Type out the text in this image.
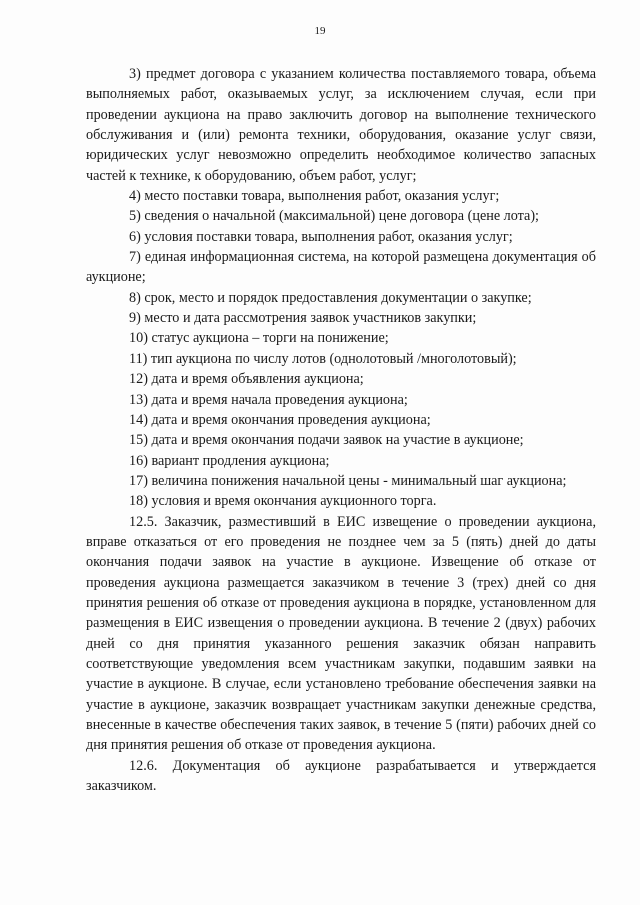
19

3) предмет договора с указанием количества поставляемого товара, объема выполняемых работ, оказываемых услуг, за исключением случая, если при проведении аукциона на право заключить договор на выполнение технического обслуживания и (или) ремонта техники, оборудования, оказание услуг связи, юридических услуг невозможно определить необходимое количество запасных частей к технике, к оборудованию, объем работ, услуг;

4) место поставки товара, выполнения работ, оказания услуг;

5) сведения о начальной (максимальной) цене договора (цене лота);

6) условия поставки товара, выполнения работ, оказания услуг;

7) единая информационная система, на которой размещена документация об аукционе;

8) срок, место и порядок предоставления документации о закупке;

9) место и дата рассмотрения заявок участников закупки;

10) статус аукциона – торги на понижение;

11) тип аукциона по числу лотов (однолотовый /многолотовый);

12) дата и время объявления аукциона;

13) дата и время начала проведения аукциона;

14) дата и время окончания проведения аукциона;

15) дата и время окончания подачи заявок на участие в аукционе;

16) вариант продления аукциона;

17) величина понижения начальной цены - минимальный шаг аукциона;

18) условия и время окончания аукционного торга.

12.5. Заказчик, разместивший в ЕИС извещение о проведении аукциона, вправе отказаться от его проведения не позднее чем за 5 (пять) дней до даты окончания подачи заявок на участие в аукционе. Извещение об отказе от проведения аукциона размещается заказчиком в течение 3 (трех) дней со дня принятия решения об отказе от проведения аукциона в порядке, установленном для размещения в ЕИС извещения о проведении аукциона. В течение 2 (двух) рабочих дней со дня принятия указанного решения заказчик обязан направить соответствующие уведомления всем участникам закупки, подавшим заявки на участие в аукционе. В случае, если установлено требование обеспечения заявки на участие в аукционе, заказчик возвращает участникам закупки денежные средства, внесенные в качестве обеспечения таких заявок, в течение 5 (пяти) рабочих дней со дня принятия решения об отказе от проведения аукциона.

12.6. Документация об аукционе разрабатывается и утверждается заказчиком.
